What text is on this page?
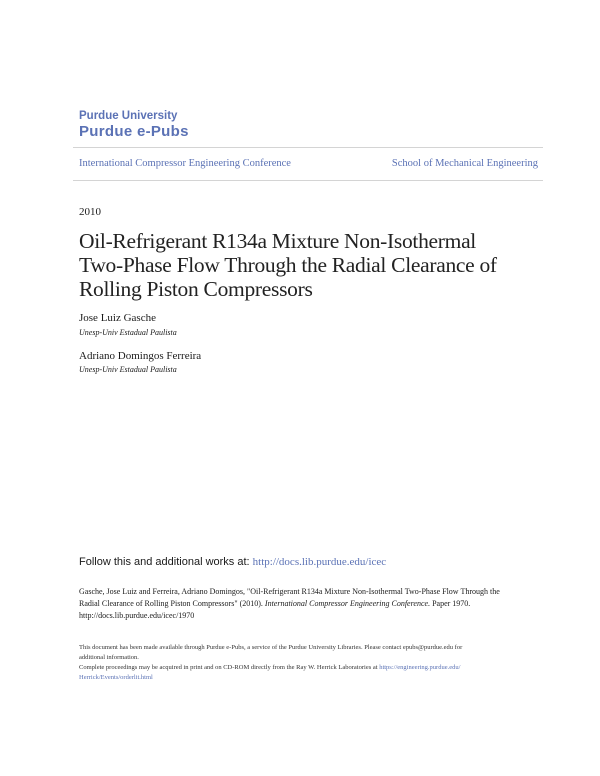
Purdue University
Purdue e-Pubs
International Compressor Engineering Conference	School of Mechanical Engineering
2010
Oil-Refrigerant R134a Mixture Non-Isothermal
Two-Phase Flow Through the Radial Clearance of
Rolling Piston Compressors
Jose Luiz Gasche
Unesp-Univ Estadual Paulista
Adriano Domingos Ferreira
Unesp-Univ Estadual Paulista
Follow this and additional works at: http://docs.lib.purdue.edu/icec
Gasche, Jose Luiz and Ferreira, Adriano Domingos, "Oil-Refrigerant R134a Mixture Non-Isothermal Two-Phase Flow Through the
Radial Clearance of Rolling Piston Compressors" (2010). International Compressor Engineering Conference. Paper 1970.
http://docs.lib.purdue.edu/icec/1970
This document has been made available through Purdue e-Pubs, a service of the Purdue University Libraries. Please contact epubs@purdue.edu for
additional information.
Complete proceedings may be acquired in print and on CD-ROM directly from the Ray W. Herrick Laboratories at https://engineering.purdue.edu/
Herrick/Events/orderlit.html
